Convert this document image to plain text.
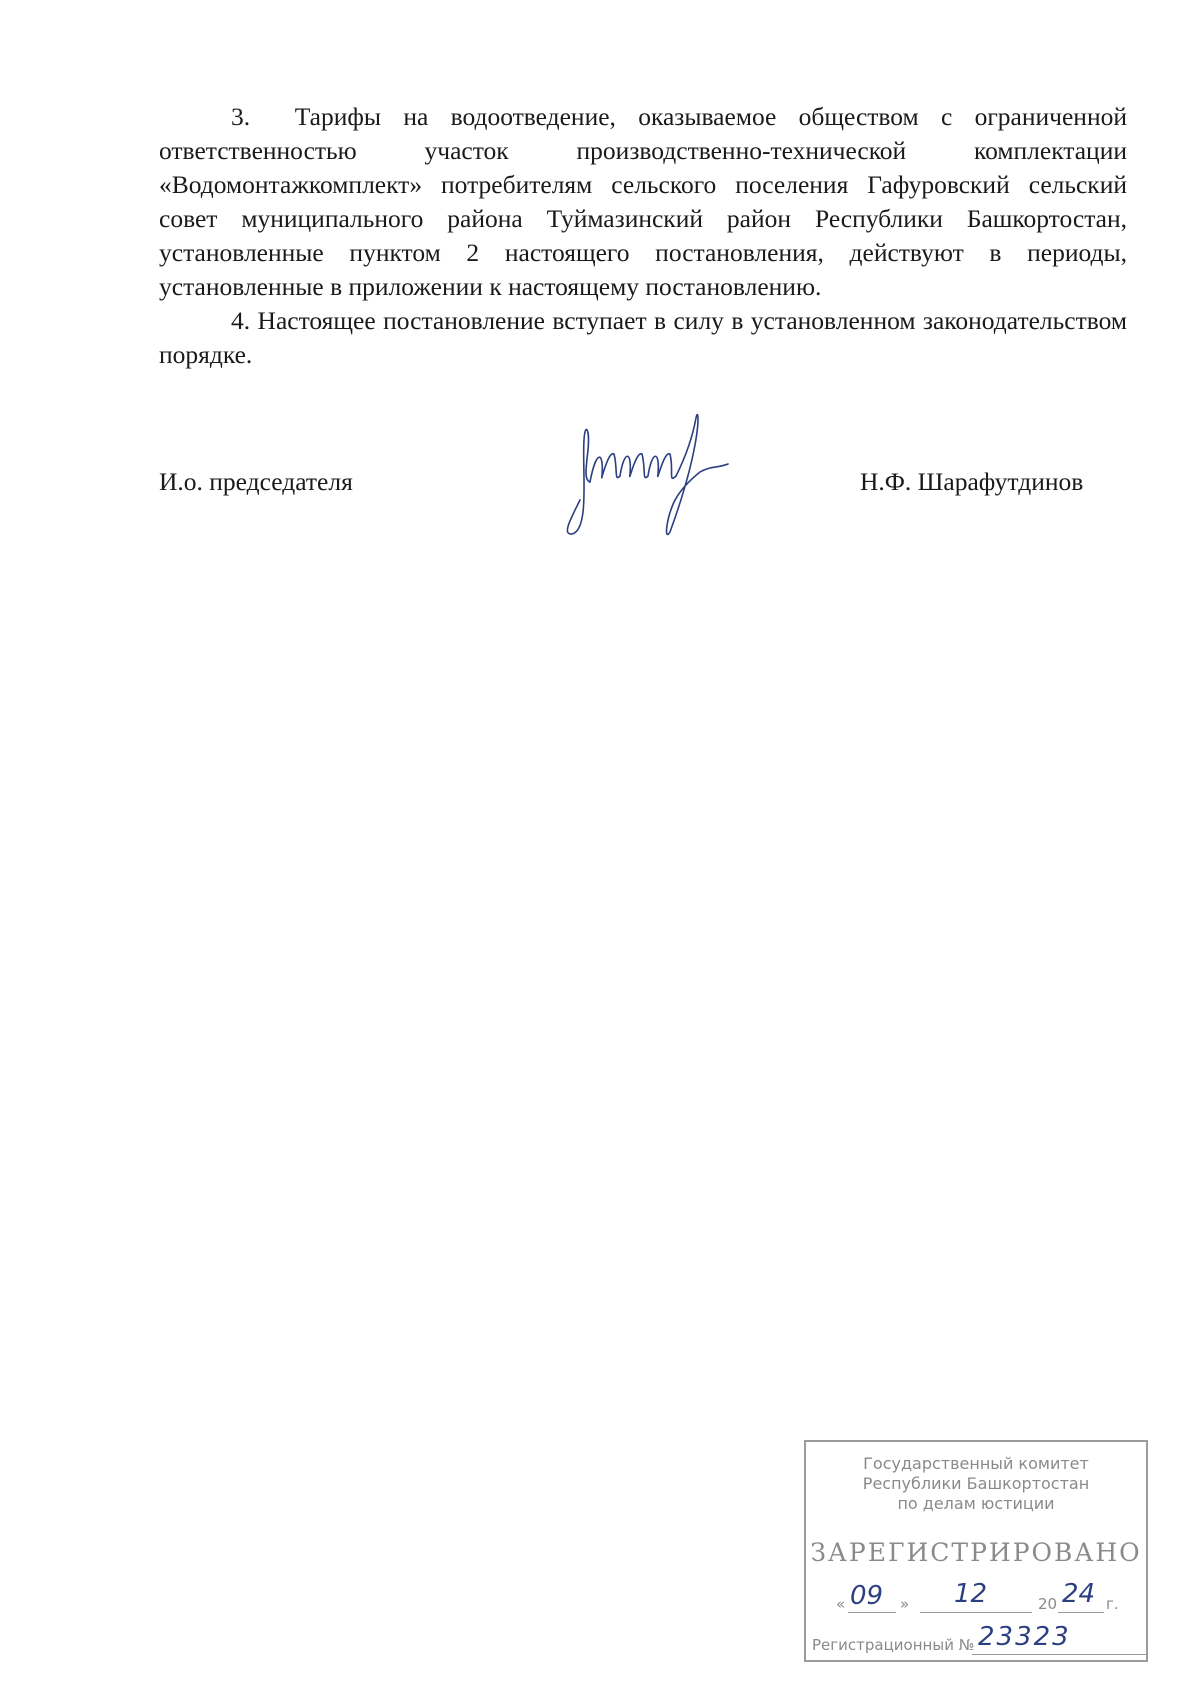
3.  Тарифы на водоотведение, оказываемое обществом с ограниченной ответственностью участок производственно-технической комплектации «Водомонтажкомплект» потребителям сельского поселения Гафуровский сельский совет муниципального района Туймазинский район Республики Башкортостан, установленные пунктом 2 настоящего постановления, действуют в периоды, установленные в приложении к настоящему постановлению.

4. Настоящее постановление вступает в силу в установленном законодательством порядке.

И.о. председателя	Н.Ф. Шарафутдинов
Государственный комитет
Республики Башкортостан
по делам юстиции
ЗАРЕГИСТРИРОВАНО
« 09 » 12	20 24 г.
Регистрационный № 23323
